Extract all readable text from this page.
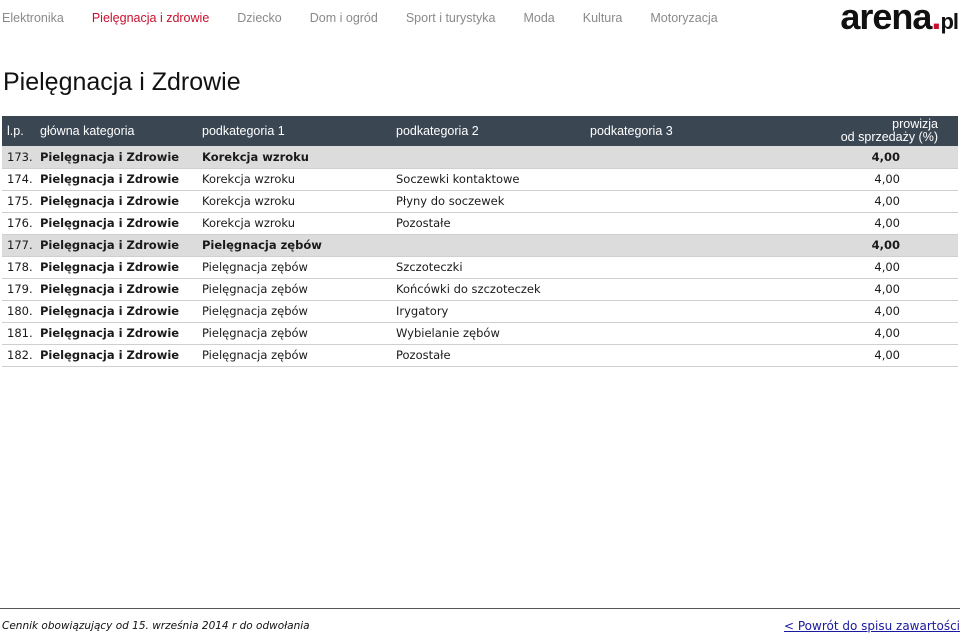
Elektronika Pielęgnacja i zdrowie Dziecko Dom i ogród Sport i turystyka Moda Kultura Motoryzacja	arena . pl
Pielęgnacja i Zdrowie
l.p.	główna kategoria	podkategoria 1	podkategoria 2	podkategoria 3	prowizja
od sprzedaży (%)
173.	Pielęgnacja i Zdrowie	Korekcja wzroku			4,00
174.	Pielęgnacja i Zdrowie	Korekcja wzroku	Soczewki kontaktowe		4,00
175.	Pielęgnacja i Zdrowie	Korekcja wzroku	Płyny do soczewek		4,00
176.	Pielęgnacja i Zdrowie	Korekcja wzroku	Pozostałe		4,00
177.	Pielęgnacja i Zdrowie	Pielęgnacja zębów			4,00
178.	Pielęgnacja i Zdrowie	Pielęgnacja zębów	Szczoteczki		4,00
179.	Pielęgnacja i Zdrowie	Pielęgnacja zębów	Końcówki do szczoteczek		4,00
180.	Pielęgnacja i Zdrowie	Pielęgnacja zębów	Irygatory		4,00
181.	Pielęgnacja i Zdrowie	Pielęgnacja zębów	Wybielanie zębów		4,00
182.	Pielęgnacja i Zdrowie	Pielęgnacja zębów	Pozostałe		4,00
Cennik obowiązujący od 15. września 2014 r do odwołania	< Powrót do spisu zawartości
